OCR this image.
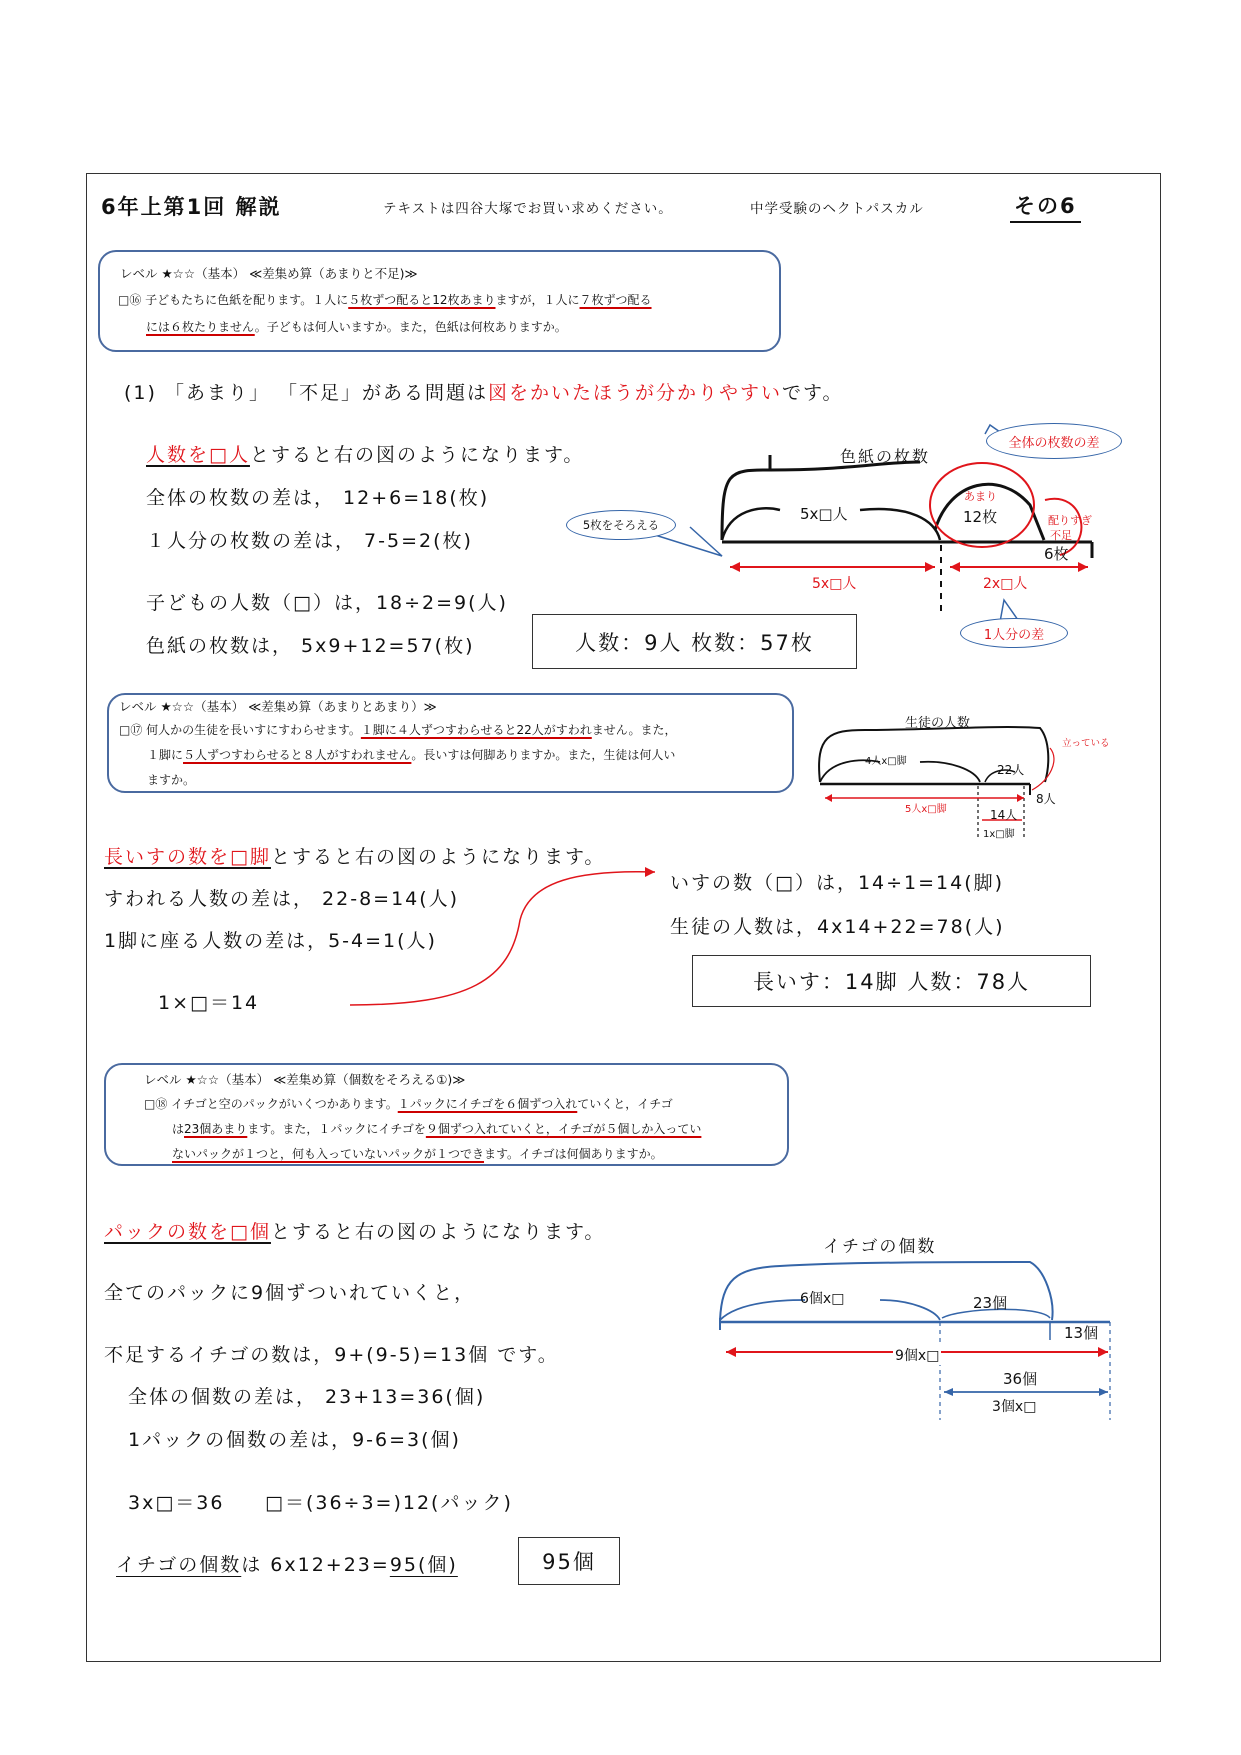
6年上第1回 解説	テキストは四谷大塚でお買い求めください。	中学受験のヘクトパスカル	その6
レベル ★☆☆（基本） ≪差集め算（あまりと不足)≫
□⑯ 子どもたちに色紙を配ります。１人に５枚ずつ配ると12枚あまりますが，１人に７枚ずつ配る
には６枚たりません。子どもは何人いますか。また，色紙は何枚ありますか。
(1) 「あまり」 「不足」がある問題は図をかいたほうが分かりやすいです。
人数を□人とすると右の図のようになります。
全体の枚数の差は， 12+6=18(枚)
１人分の枚数の差は， 7-5=2(枚)
子どもの人数（□）は，18÷2=9(人)
色紙の枚数は， 5x9+12=57(枚)	人数：9人 枚数：57枚
全体の枚数の差
5枚をそろえる
1人分の差
色紙の枚数
5x□人
あまり
12枚	配りすぎ
不足
6枚
5x□人	2x□人
レベル ★☆☆（基本） ≪差集め算（あまりとあまり）≫
□⑰ 何人かの生徒を長いすにすわらせます。１脚に４人ずつすわらせると22人がすわれません。また，
１脚に５人ずつすわらせると８人がすわれません。長いすは何脚ありますか。また，生徒は何人い
ますか。
生徒の人数
4人x□脚
22人
立っている
8人
5人x□脚	14人
1x□脚
長いすの数を□脚とすると右の図のようになります。
すわれる人数の差は， 22-8=14(人)
1脚に座る人数の差は，5-4=1(人)
1×□＝14
いすの数（□）は，14÷1=14(脚)
生徒の人数は，4x14+22=78(人)
長いす：14脚 人数：78人
レベル ★☆☆（基本） ≪差集め算（個数をそろえる①)≫
□⑱ イチゴと空のパックがいくつかあります。１パックにイチゴを６個ずつ入れていくと，イチゴ
は23個あまります。また，１パックにイチゴを９個ずつ入れていくと，イチゴが５個しか入ってい
ないパックが１つと，何も入っていないパックが１つできます。イチゴは何個ありますか。
パックの数を□個とすると右の図のようになります。
全てのパックに9個ずついれていくと，
不足するイチゴの数は，9+(9-5)=13個 です。
全体の個数の差は， 23+13=36(個)
1パックの個数の差は，9-6=3(個)
3x□＝36 □＝(36÷3=)12(パック)
イチゴの個数は 6x12+23=95(個)	95個
イチゴの個数
6個x□	23個
13個
9個x□
36個
3個x□
